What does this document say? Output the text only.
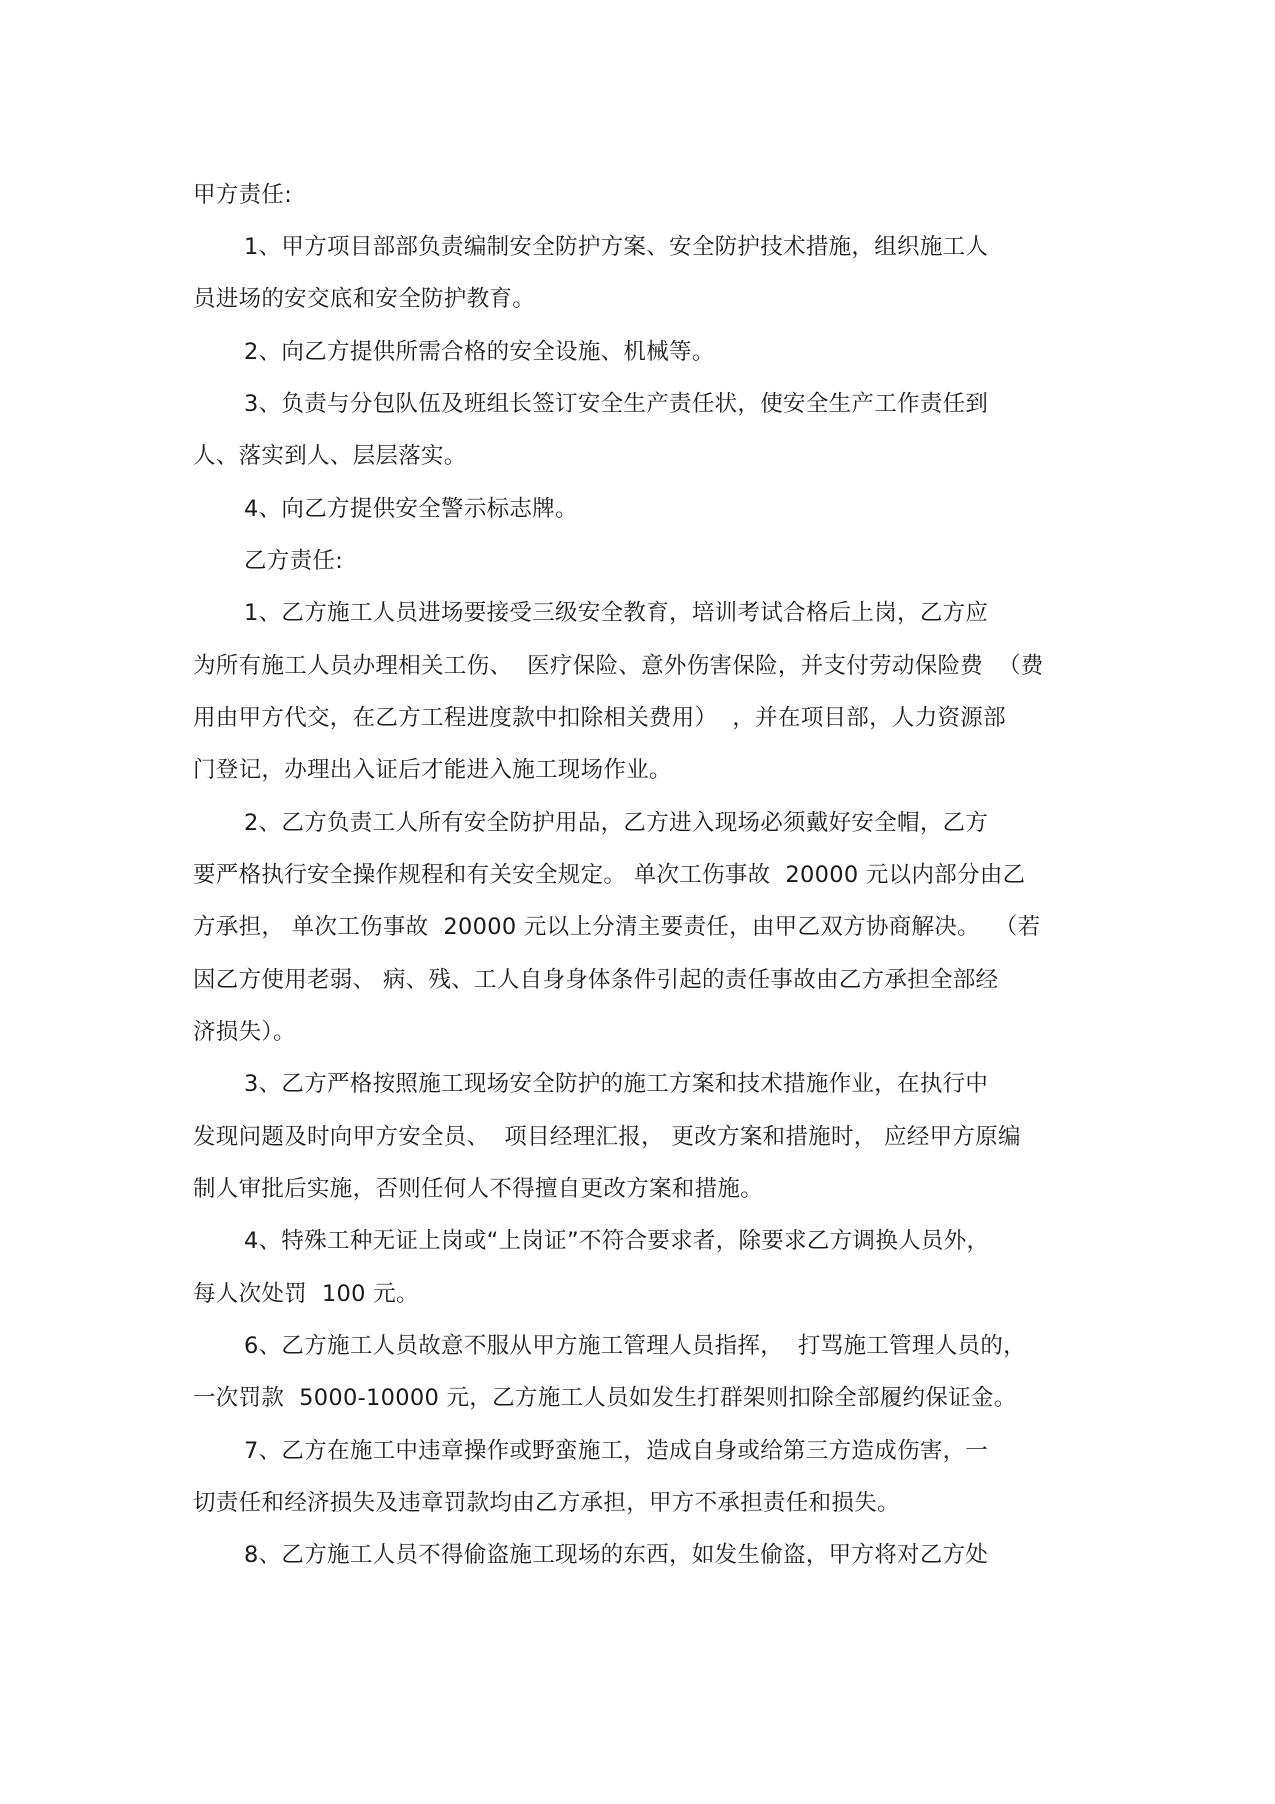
甲方责任:
1、甲方项目部部负责编制安全防护方案、安全防护技术措施，组织施工人
员进场的安交底和安全防护教育。
2、向乙方提供所需合格的安全设施、机械等。
3、负责与分包队伍及班组长签订安全生产责任状，使安全生产工作责任到
人、落实到人、层层落实。
4、向乙方提供安全警示标志牌。
乙方责任:
1、乙方施工人员进场要接受三级安全教育，培训考试合格后上岗，乙方应
为所有施工人员办理相关工伤、  医疗保险、意外伤害保险，并支付劳动保险费  （费
用由甲方代交，在乙方工程进度款中扣除相关费用）  ，并在项目部，人力资源部
门登记，办理出入证后才能进入施工现场作业。
2、乙方负责工人所有安全防护用品，乙方进入现场必须戴好安全帽，乙方
要严格执行安全操作规程和有关安全规定。 单次工伤事故  20000 元以内部分由乙
方承担， 单次工伤事故  20000 元以上分清主要责任，由甲乙双方协商解决。  （若
因乙方使用老弱、 病、残、工人自身身体条件引起的责任事故由乙方承担全部经
济损失）。
3、乙方严格按照施工现场安全防护的施工方案和技术措施作业，在执行中
发现问题及时向甲方安全员、  项目经理汇报， 更改方案和措施时， 应经甲方原编
制人审批后实施，否则任何人不得擅自更改方案和措施。
4、特殊工种无证上岗或“上岗证”不符合要求者，除要求乙方调换人员外，
每人次处罚  100 元。
6、乙方施工人员故意不服从甲方施工管理人员指挥，  打骂施工管理人员的，
一次罚款  5000-10000 元，乙方施工人员如发生打群架则扣除全部履约保证金。
7、乙方在施工中违章操作或野蛮施工，造成自身或给第三方造成伤害，一
切责任和经济损失及违章罚款均由乙方承担，甲方不承担责任和损失。
8、乙方施工人员不得偷盗施工现场的东西，如发生偷盗，甲方将对乙方处
